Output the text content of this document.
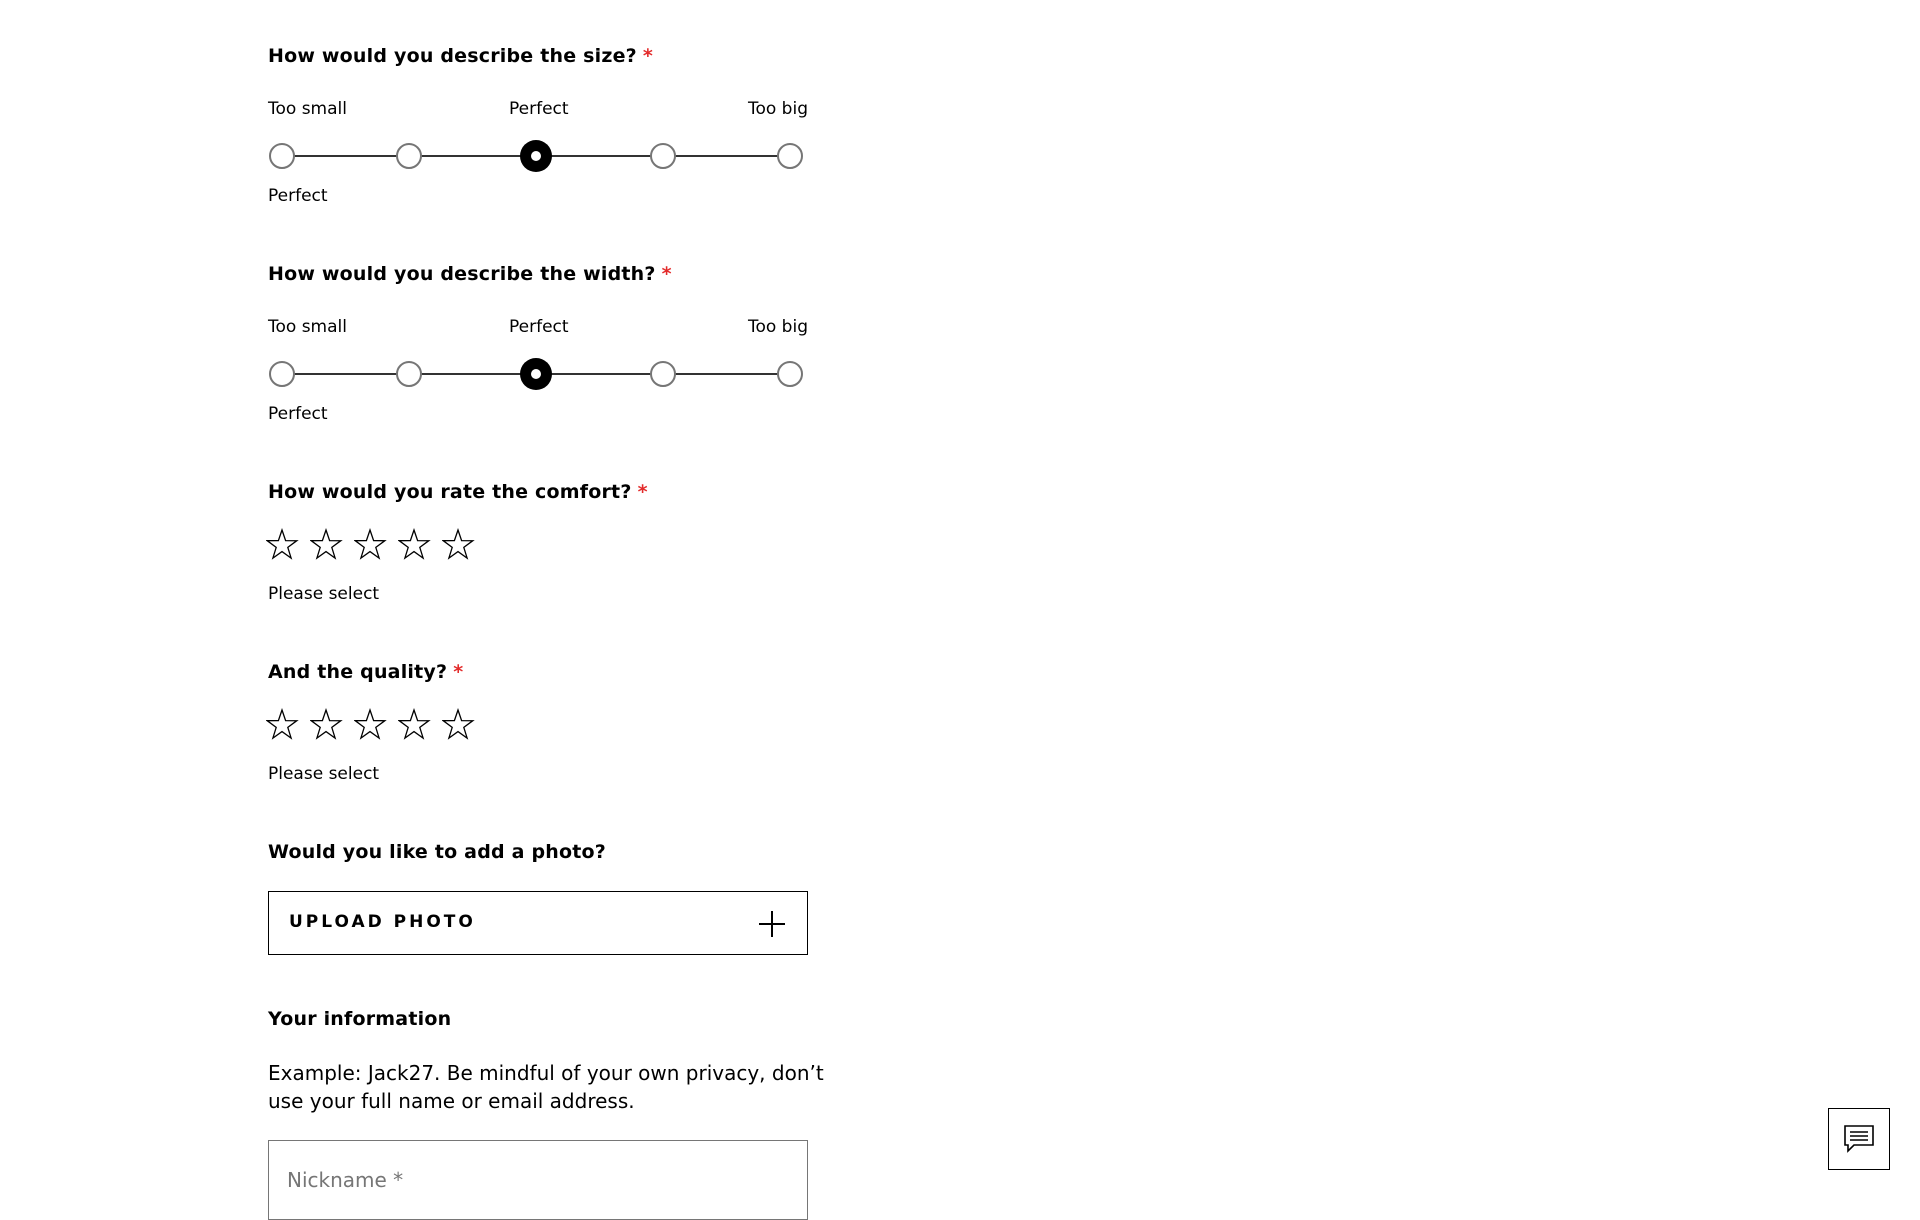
How would you describe the size? *
Too small	Perfect	Too big
Perfect
How would you describe the width? *
Too small	Perfect	Too big
Perfect
How would you rate the comfort? *
Please select
And the quality? *
Please select
Would you like to add a photo?
UPLOAD PHOTO
Your information
Example: Jack27. Be mindful of your own privacy, don’t use your full name or email address.
Nickname *
